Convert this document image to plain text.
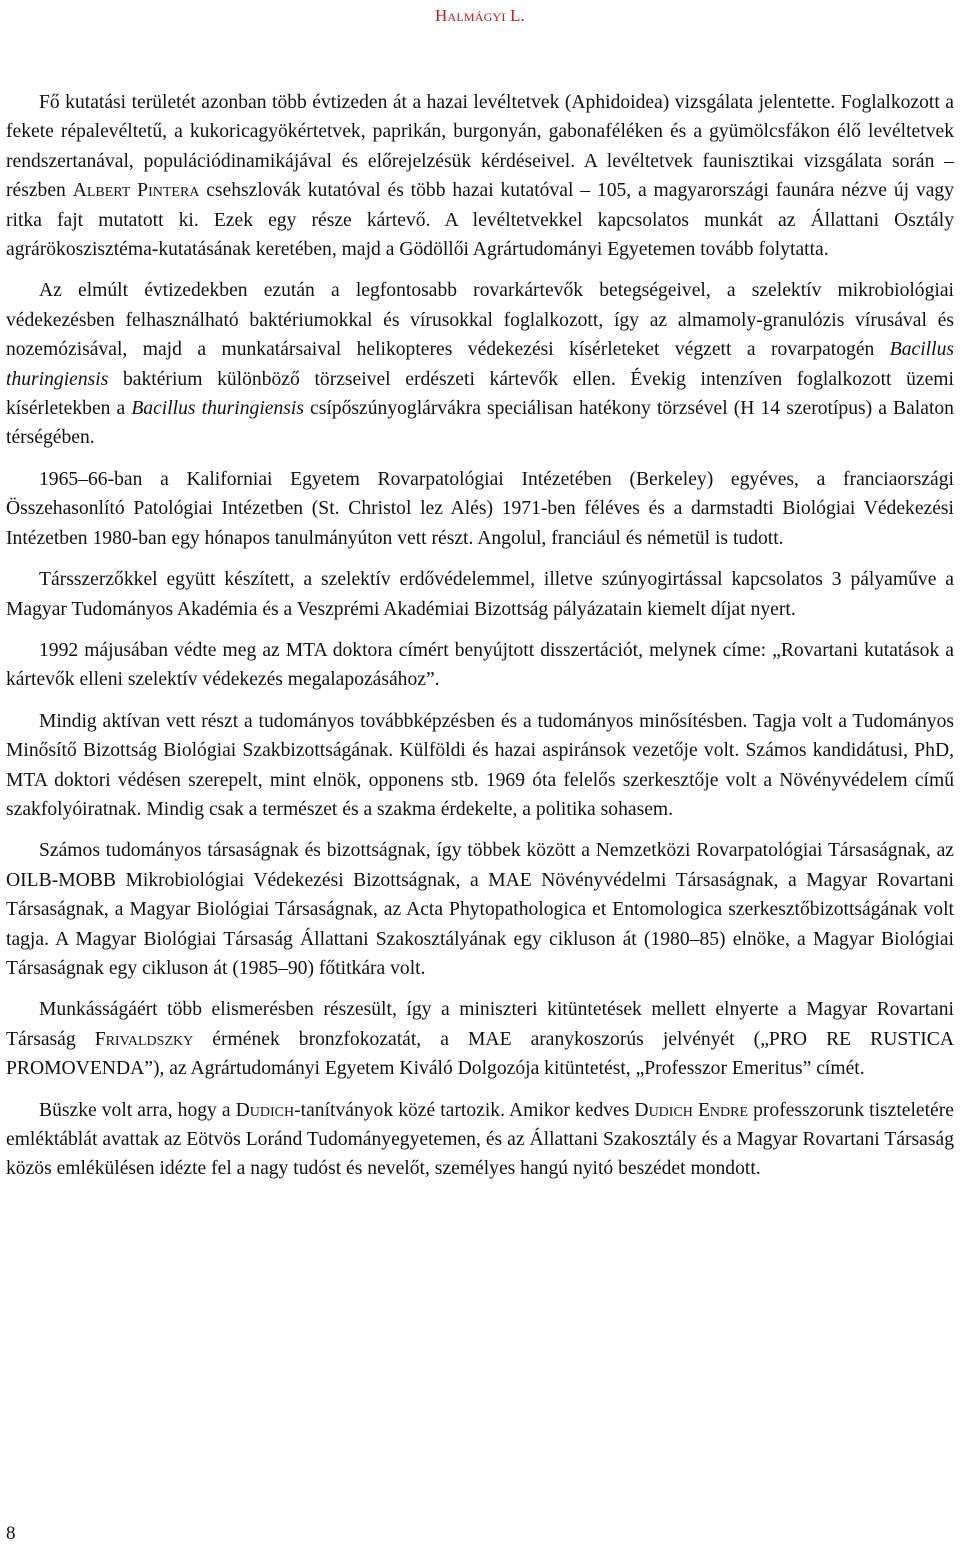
Halmágyi L.

Fő kutatási területét azonban több évtizeden át a hazai levéltetvek (Aphidoidea) vizsgálata jelentette. Foglalkozott a fekete répalevéltetű, a kukoricagyökértetvek, paprikán, burgonyán, gabonaféléken és a gyümölcsfákon élő levéltetvek rendszertanával, populációdinamikájával és előrejelzésük kérdéseivel. A levéltetvek faunisztikai vizsgálata során – részben Albert Pintera csehszlovák kutatóval és több hazai kutatóval – 105, a magyarországi faunára nézve új vagy ritka fajt mutatott ki. Ezek egy része kártevő. A levéltetvekkel kapcsolatos munkát az Állattani Osztály agrárökoszisztéma-kutatásának keretében, majd a Gödöllői Agrártudományi Egyetemen tovább folytatta.

Az elmúlt évtizedekben ezután a legfontosabb rovarkártevők betegségeivel, a szelektív mikrobiológiai védekezésben felhasználható baktériumokkal és vírusokkal foglalkozott, így az almamoly-granulózis vírusával és nozemózisával, majd a munkatársaival helikopteres védekezési kísérleteket végzett a rovarpatogén Bacillus thuringiensis baktérium különböző törzseivel erdészeti kártevők ellen. Évekig intenzíven foglalkozott üzemi kísérletekben a Bacillus thuringiensis csípőszúnyoglárvákra speciálisan hatékony törzsével (H 14 szerotípus) a Balaton térségében.

1965–66-ban a Kaliforniai Egyetem Rovarpatológiai Intézetében (Berkeley) egyéves, a franciaországi Összehasonlító Patológiai Intézetben (St. Christol lez Alés) 1971-ben féléves és a darmstadti Biológiai Védekezési Intézetben 1980-ban egy hónapos tanulmányúton vett részt. Angolul, franciául és németül is tudott.

Társszerzőkkel együtt készített, a szelektív erdővédelemmel, illetve szúnyogirtással kapcsolatos 3 pályaműve a Magyar Tudományos Akadémia és a Veszprémi Akadémiai Bizottság pályázatain kiemelt díjat nyert.

1992 májusában védte meg az MTA doktora címért benyújtott disszertációt, melynek címe: „Rovartani kutatások a kártevők elleni szelektív védekezés megalapozásához”.

Mindig aktívan vett részt a tudományos továbbképzésben és a tudományos minősítésben. Tagja volt a Tudományos Minősítő Bizottság Biológiai Szakbizottságának. Külföldi és hazai aspiránsok vezetője volt. Számos kandidátusi, PhD, MTA doktori védésen szerepelt, mint elnök, opponens stb. 1969 óta felelős szerkesztője volt a Növényvédelem című szakfolyóiratnak. Mindig csak a természet és a szakma érdekelte, a politika sohasem.

Számos tudományos társaságnak és bizottságnak, így többek között a Nemzetközi Rovarpatológiai Társaságnak, az OILB-MOBB Mikrobiológiai Védekezési Bizottságnak, a MAE Növényvédelmi Társaságnak, a Magyar Rovartani Társaságnak, a Magyar Biológiai Társaságnak, az Acta Phytopathologica et Entomologica szerkesztőbizottságának volt tagja. A Magyar Biológiai Társaság Állattani Szakosztályának egy cikluson át (1980–85) elnöke, a Magyar Biológiai Társaságnak egy cikluson át (1985–90) főtitkára volt.

Munkásságáért több elismerésben részesült, így a miniszteri kitüntetések mellett elnyerte a Magyar Rovartani Társaság Frivaldszky érmének bronzfokozatát, a MAE aranykoszorús jelvényét („PRO RE RUSTICA PROMOVENDA”), az Agrártudományi Egyetem Kiváló Dolgozója kitüntetést, „Professzor Emeritus” címét.

Büszke volt arra, hogy a Dudich-tanítványok közé tartozik. Amikor kedves Dudich Endre professzorunk tiszteletére emléktáblát avattak az Eötvös Loránd Tudományegyetemen, és az Állattani Szakosztály és a Magyar Rovartani Társaság közös emlékülésen idézte fel a nagy tudóst és nevelőt, személyes hangú nyitó beszédet mondott.

8
